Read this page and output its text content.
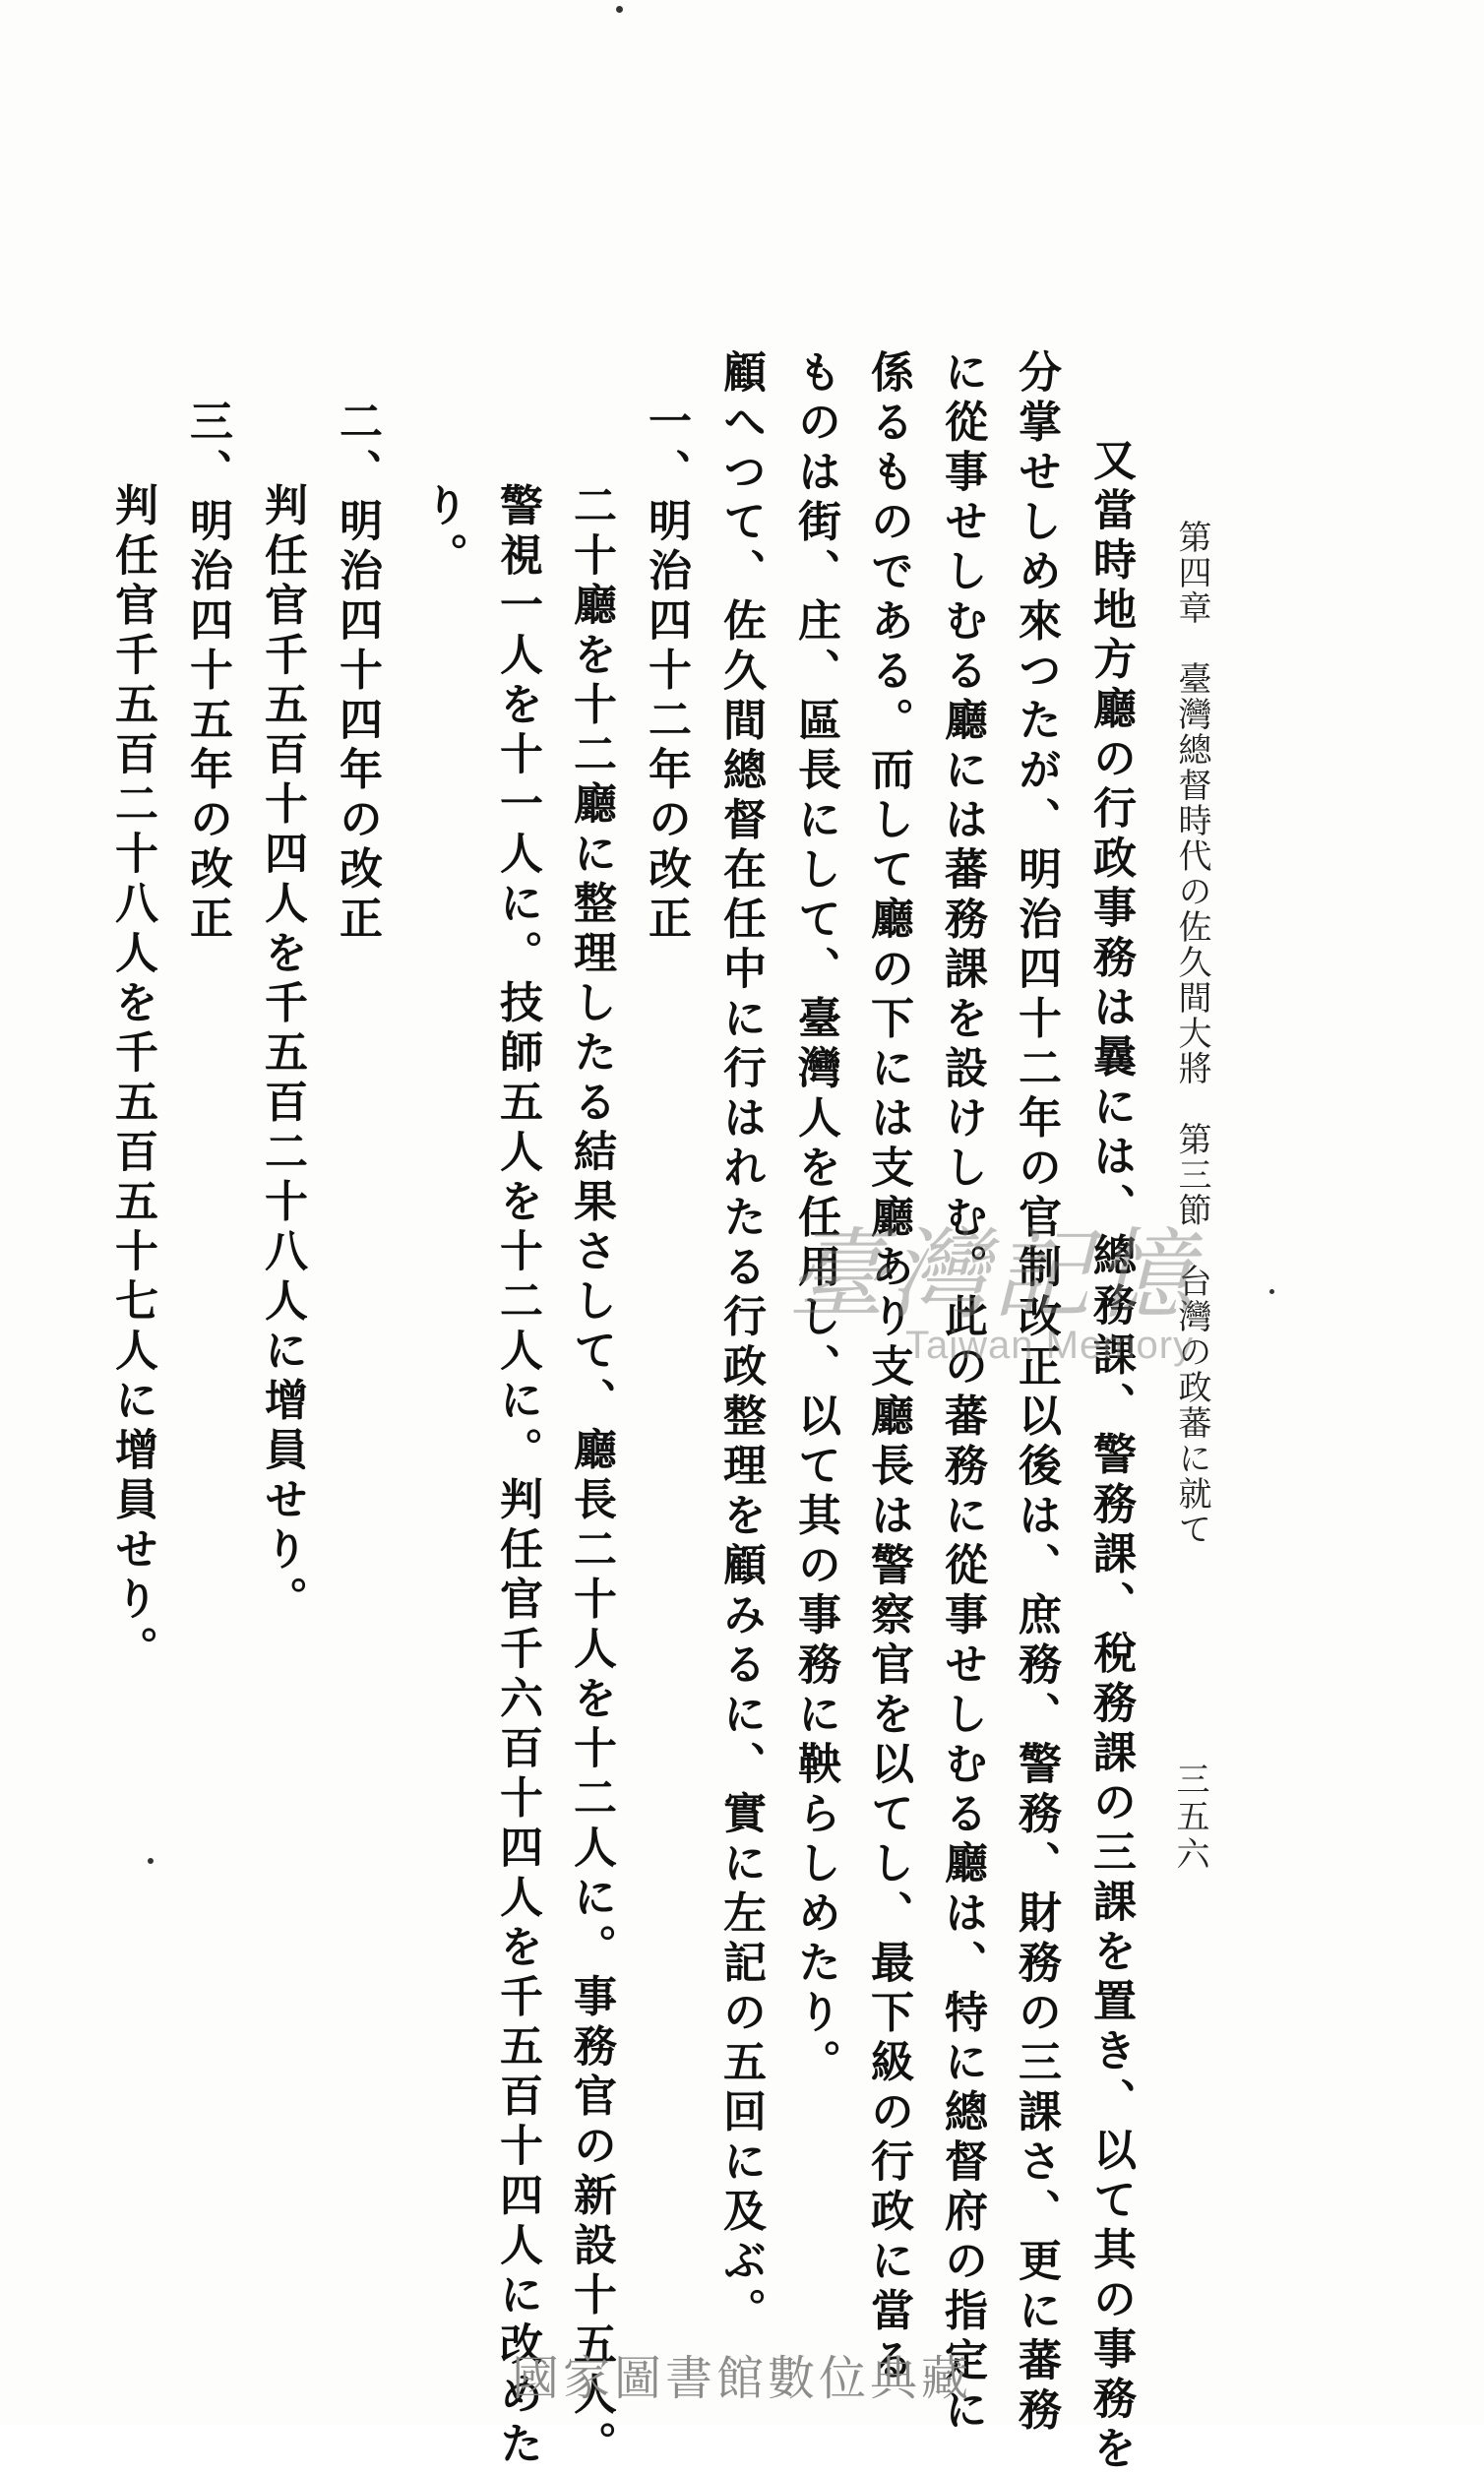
第四章　臺灣總督時代の佐久間大將　第三節　台灣の政蕃に就て
三五六
　又當時地方廳の行政事務は曩には、總務課、警務課、稅務課の三課を置き、以て其の事務を
分掌せしめ來つたが、明治四十二年の官制改正以後は、庶務、警務、財務の三課さ、更に蕃務
に從事せしむる廳には蕃務課を設けしむ。此の蕃務に從事せしむる廳は、特に總督府の指定に
係るものである。而して廳の下には支廳あり支廳長は警察官を以てし、最下級の行政に當る
ものは街、庄、區長にして、臺灣人を任用し、以て其の事務に鞅らしめたり。
顧へつて、佐久間總督在任中に行はれたる行政整理を顧みるに、實に左記の五回に及ぶ。
一、明治四十二年の改正
　二十廳を十二廳に整理したる結果さして、廳長二十人を十二人に。事務官の新設十五人。
　警視一人を十一人に。技師五人を十二人に。判任官千六百十四人を千五百十四人に改めた
　り。
二、明治四十四年の改正
　判任官千五百十四人を千五百二十八人に增員せり。
三、明治四十五年の改正
　判任官千五百二十八人を千五百五十七人に增員せり。	臺灣記憶
Taiwan Memory
國家圖書館數位典藏
